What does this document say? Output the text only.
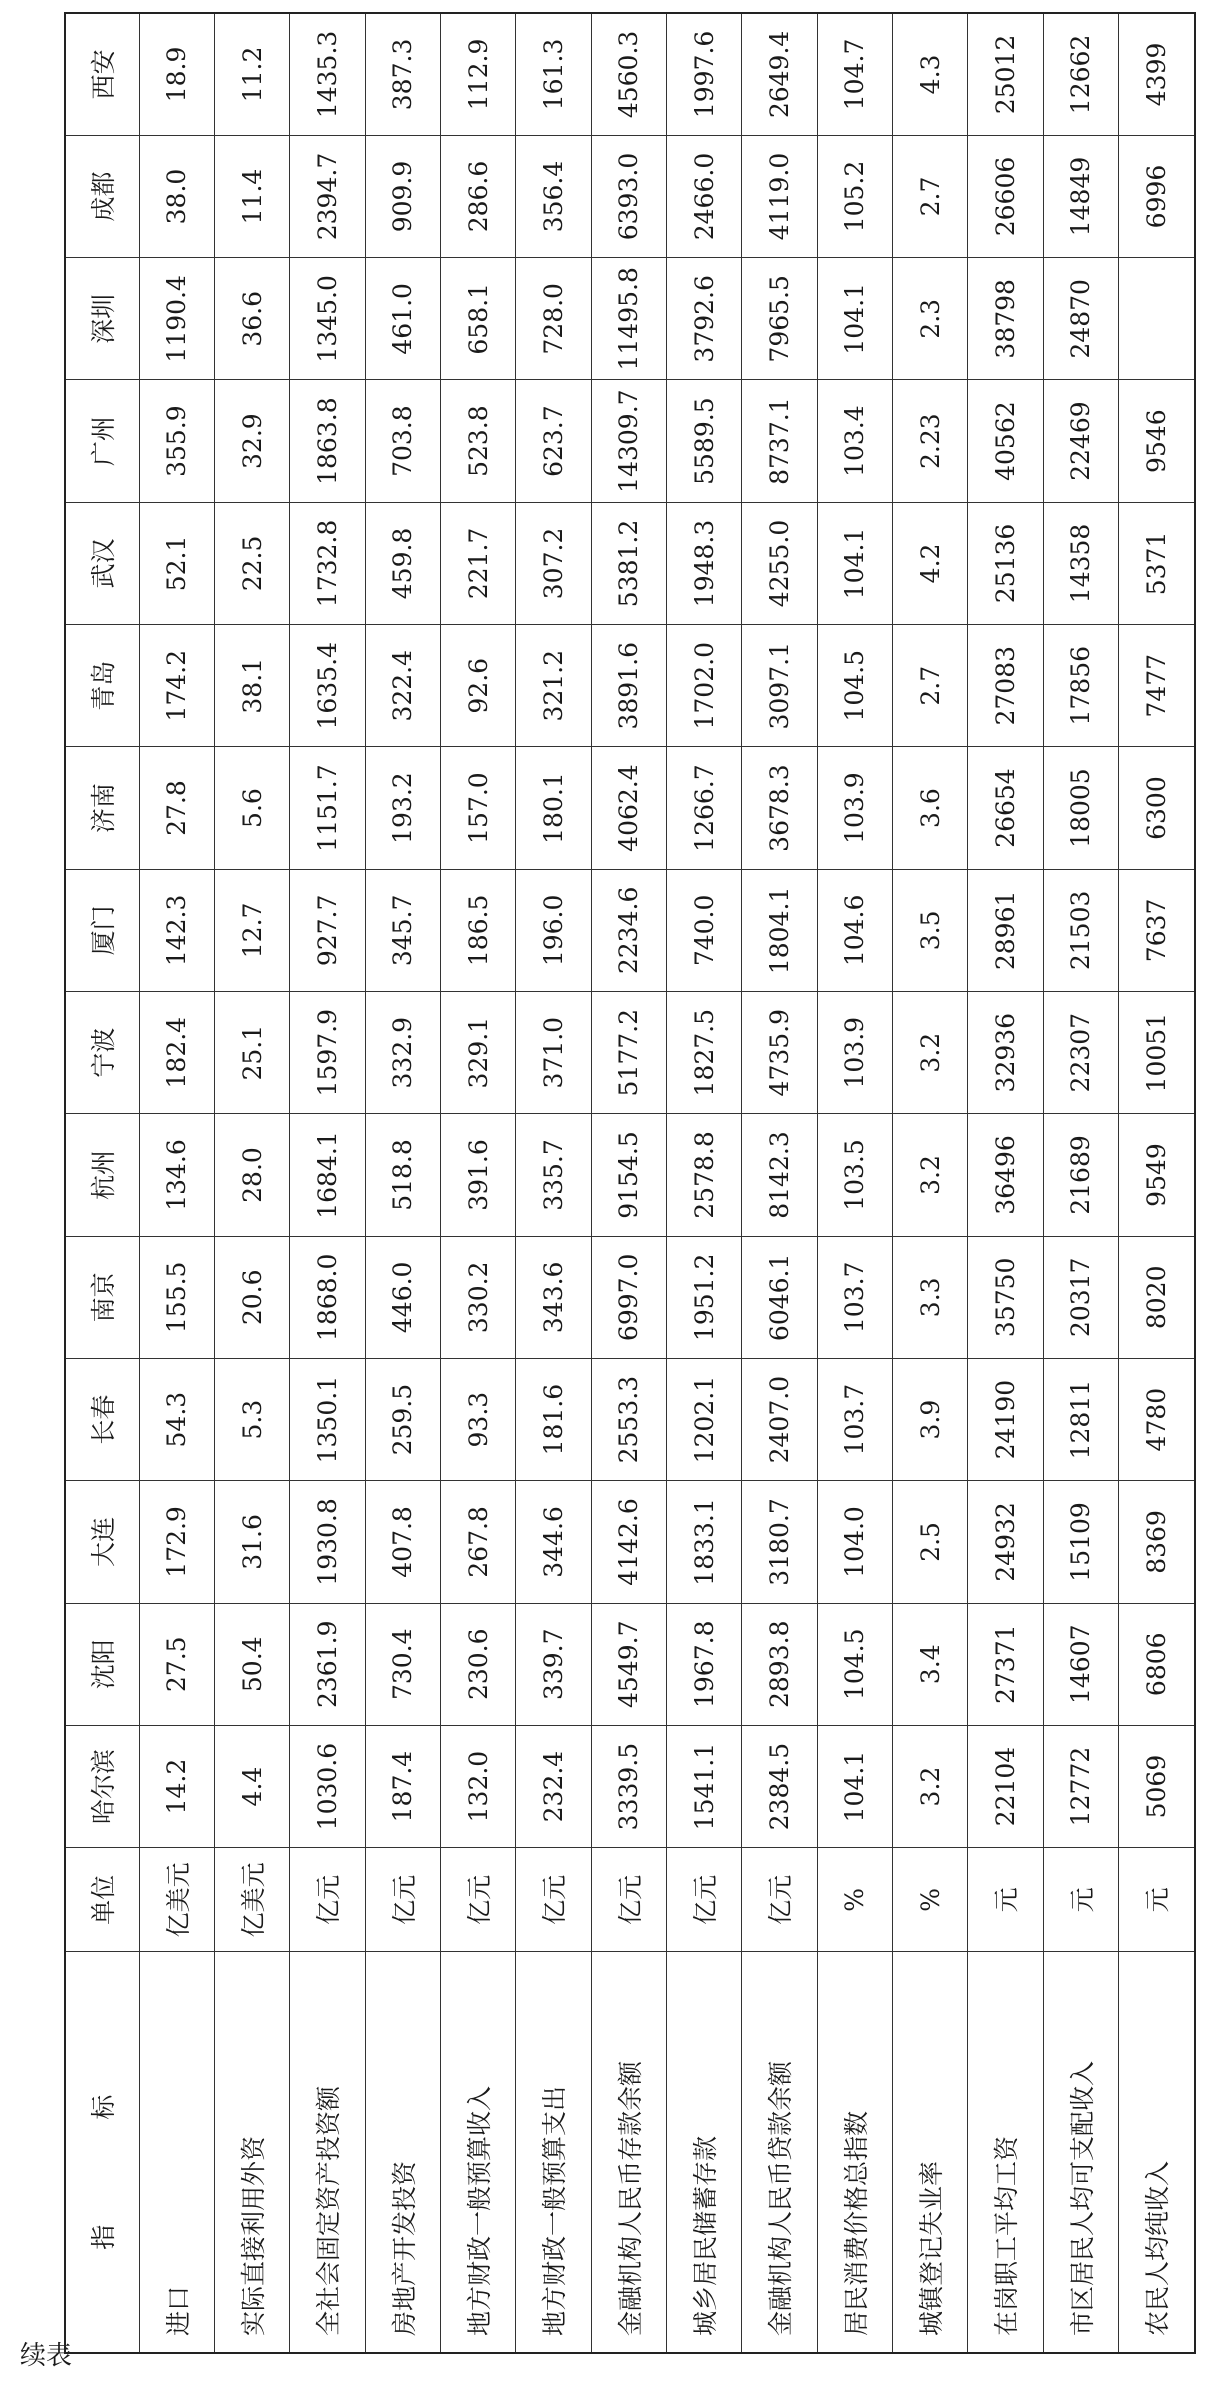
续表
指　标	单位	哈尔滨	沈阳	大连	长春	南京	杭州	宁波	厦门	济南	青岛	武汉	广州	深圳	成都	西安
进口	亿美元	14.2	27.5	172.9	54.3	155.5	134.6	182.4	142.3	27.8	174.2	52.1	355.9	1190.4	38.0	18.9
实际直接利用外资	亿美元	4.4	50.4	31.6	5.3	20.6	28.0	25.1	12.7	5.6	38.1	22.5	32.9	36.6	11.4	11.2
全社会固定资产投资额	亿元	1030.6	2361.9	1930.8	1350.1	1868.0	1684.1	1597.9	927.7	1151.7	1635.4	1732.8	1863.8	1345.0	2394.7	1435.3
房地产开发投资	亿元	187.4	730.4	407.8	259.5	446.0	518.8	332.9	345.7	193.2	322.4	459.8	703.8	461.0	909.9	387.3
地方财政一般预算收入	亿元	132.0	230.6	267.8	93.3	330.2	391.6	329.1	186.5	157.0	92.6	221.7	523.8	658.1	286.6	112.9
地方财政一般预算支出	亿元	232.4	339.7	344.6	181.6	343.6	335.7	371.0	196.0	180.1	321.2	307.2	623.7	728.0	356.4	161.3
金融机构人民币存款余额	亿元	3339.5	4549.7	4142.6	2553.3	6997.0	9154.5	5177.2	2234.6	4062.4	3891.6	5381.2	14309.7	11495.8	6393.0	4560.3
城乡居民储蓄存款	亿元	1541.1	1967.8	1833.1	1202.1	1951.2	2578.8	1827.5	740.0	1266.7	1702.0	1948.3	5589.5	3792.6	2466.0	1997.6
金融机构人民币贷款余额	亿元	2384.5	2893.8	3180.7	2407.0	6046.1	8142.3	4735.9	1804.1	3678.3	3097.1	4255.0	8737.1	7965.5	4119.0	2649.4
居民消费价格总指数	%	104.1	104.5	104.0	103.7	103.7	103.5	103.9	104.6	103.9	104.5	104.1	103.4	104.1	105.2	104.7
城镇登记失业率	%	3.2	3.4	2.5	3.9	3.3	3.2	3.2	3.5	3.6	2.7	4.2	2.23	2.3	2.7	4.3
在岗职工平均工资	元	22104	27371	24932	24190	35750	36496	32936	28961	26654	27083	25136	40562	38798	26606	25012
市区居民人均可支配收入	元	12772	14607	15109	12811	20317	21689	22307	21503	18005	17856	14358	22469	24870	14849	12662
农民人均纯收入	元	5069	6806	8369	4780	8020	9549	10051	7637	6300	7477	5371	9546		6996	4399
